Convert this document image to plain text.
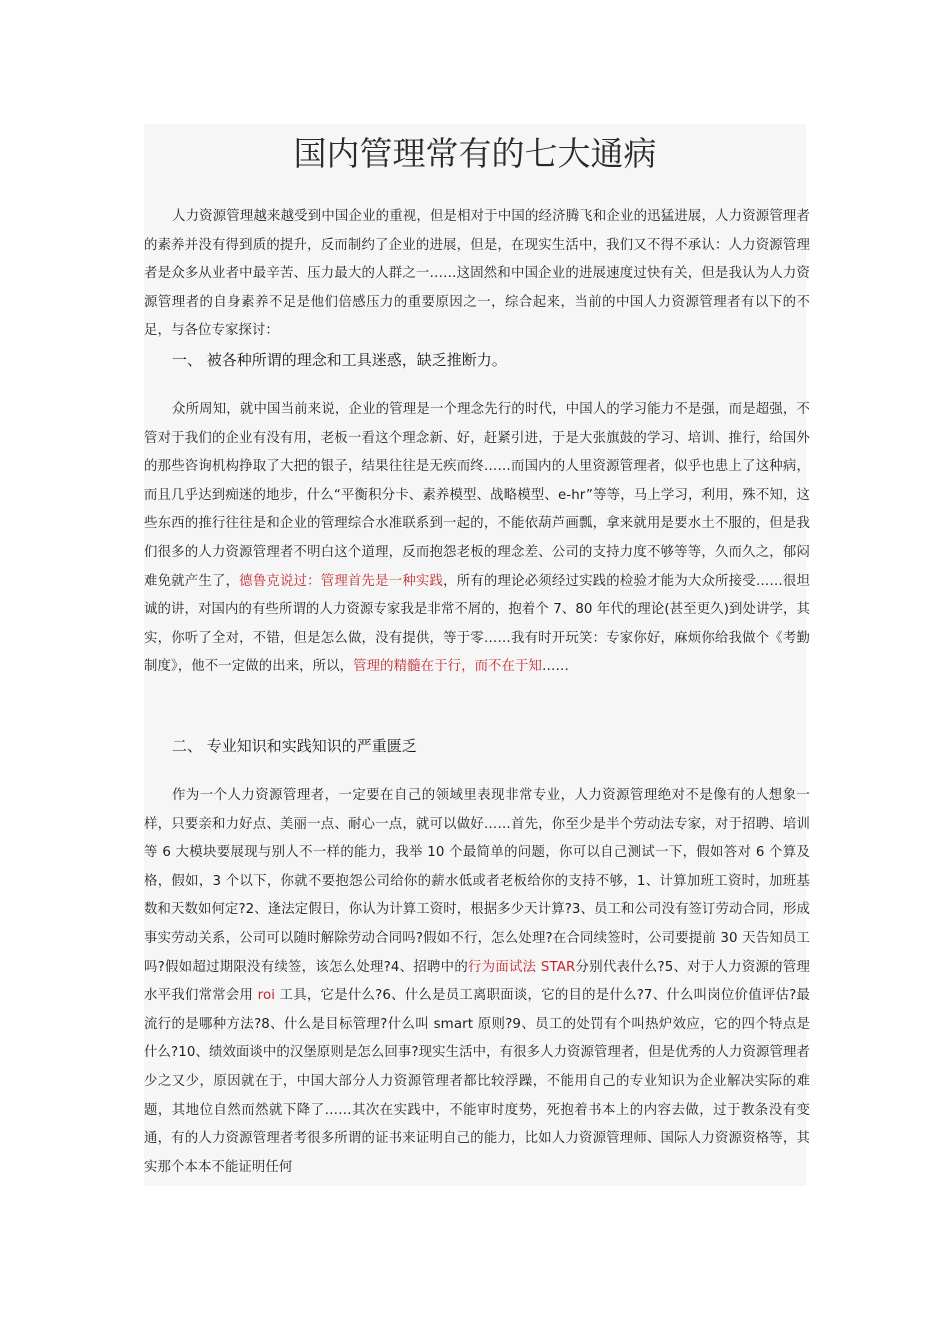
国内管理常有的七大通病

人力资源管理越来越受到中国企业的重视，但是相对于中国的经济腾飞和企业的迅猛进展，人力资源管理者的素养并没有得到质的提升，反而制约了企业的进展，但是，在现实生活中，我们又不得不承认：人力资源管理者是众多从业者中最辛苦、压力最大的人群之一……这固然和中国企业的进展速度过快有关，但是我认为人力资源管理者的自身素养不足是他们倍感压力的重要原因之一，综合起来，当前的中国人力资源管理者有以下的不足，与各位专家探讨：

一、 被各种所谓的理念和工具迷惑，缺乏推断力。

众所周知，就中国当前来说，企业的管理是一个理念先行的时代，中国人的学习能力不是强，而是超强，不管对于我们的企业有没有用，老板一看这个理念新、好，赶紧引进，于是大张旗鼓的学习、培训、推行，给国外的那些咨询机构挣取了大把的银子，结果往往是无疾而终……而国内的人里资源管理者，似乎也患上了这种病，而且几乎达到痴迷的地步，什么“平衡积分卡、素养模型、战略模型、e-hr”等等，马上学习，利用，殊不知，这些东西的推行往往是和企业的管理综合水准联系到一起的，不能依葫芦画瓢，拿来就用是要水土不服的，但是我们很多的人力资源管理者不明白这个道理，反而抱怨老板的理念差、公司的支持力度不够等等，久而久之，郁闷难免就产生了，德鲁克说过：管理首先是一种实践，所有的理论必须经过实践的检验才能为大众所接受……很坦诚的讲，对国内的有些所谓的人力资源专家我是非常不屑的，抱着个 7、80 年代的理论(甚至更久)到处讲学，其实，你听了全对，不错，但是怎么做，没有提供，等于零……我有时开玩笑：专家你好，麻烦你给我做个《考勤制度》，他不一定做的出来，所以，管理的精髓在于行，而不在于知……

二、 专业知识和实践知识的严重匮乏

作为一个人力资源管理者，一定要在自己的领域里表现非常专业，人力资源管理绝对不是像有的人想象一样，只要亲和力好点、美丽一点、耐心一点，就可以做好……首先，你至少是半个劳动法专家，对于招聘、培训等 6 大模块要展现与别人不一样的能力，我举 10 个最简单的问题，你可以自己测试一下，假如答对 6 个算及格，假如，3 个以下，你就不要抱怨公司给你的薪水低或者老板给你的支持不够，1、计算加班工资时，加班基数和天数如何定?2、逢法定假日，你认为计算工资时，根据多少天计算?3、员工和公司没有签订劳动合同，形成事实劳动关系，公司可以随时解除劳动合同吗?假如不行，怎么处理?在合同续签时，公司要提前 30 天告知员工吗?假如超过期限没有续签，该怎么处理?4、招聘中的行为面试法 STAR分别代表什么?5、对于人力资源的管理水平我们常常会用 roi 工具，它是什么?6、什么是员工离职面谈，它的目的是什么?7、什么叫岗位价值评估?最流行的是哪种方法?8、什么是目标管理?什么叫 smart 原则?9、员工的处罚有个叫热炉效应，它的四个特点是什么?10、绩效面谈中的汉堡原则是怎么回事?现实生活中，有很多人力资源管理者，但是优秀的人力资源管理者少之又少，原因就在于，中国大部分人力资源管理者都比较浮躁，不能用自己的专业知识为企业解决实际的难题，其地位自然而然就下降了……其次在实践中，不能审时度势，死抱着书本上的内容去做，过于教条没有变通，有的人力资源管理者考很多所谓的证书来证明自己的能力，比如人力资源管理师、国际人力资源资格等，其实那个本本不能证明任何
